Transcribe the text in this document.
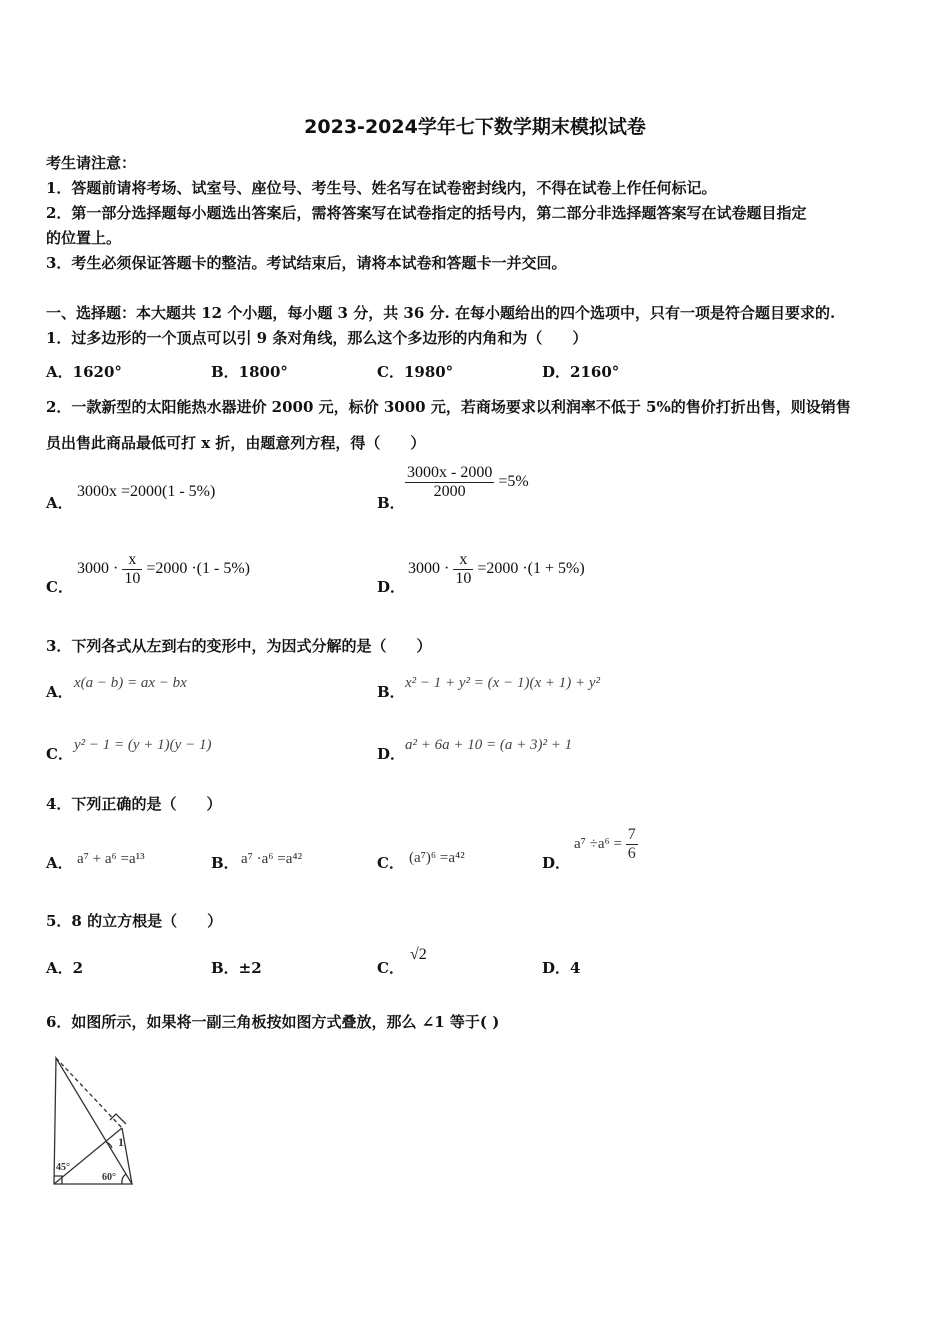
2023-2024学年七下数学期末模拟试卷
考生请注意：
1．答题前请将考场、试室号、座位号、考生号、姓名写在试卷密封线内，不得在试卷上作任何标记。
2．第一部分选择题每小题选出答案后，需将答案写在试卷指定的括号内，第二部分非选择题答案写在试卷题目指定
的位置上。
3．考生必须保证答题卡的整洁。考试结束后，请将本试卷和答题卡一并交回。
一、选择题：本大题共 12 个小题，每小题 3 分，共 36 分. 在每小题给出的四个选项中，只有一项是符合题目要求的.
1．过多边形的一个顶点可以引 9 条对角线，那么这个多边形的内角和为（　　）
A．1620°	B．1800°	C．1980°	D．2160°
2．一款新型的太阳能热水器进价 2000 元，标价 3000 元，若商场要求以利润率不低于 5%的售价打折出售，则设销售
员出售此商品最低可打 x 折，由题意列方程，得（　　）
A．
3000x =2000(1 - 5%)
B．
$\frac{3000x - 2000}{2000} =5\%$
C．
$3000 \cdot \frac{x}{10} =2000 \cdot(1 - 5\%)$
D．
$3000 \cdot \frac{x}{10} =2000 \cdot(1 + 5\%)$
3．下列各式从左到右的变形中，为因式分解的是（　　）
A． x(a − b) = ax − bx	B． x² − 1 + y² = (x − 1)(x + 1) + y²
C． y² − 1 = (y + 1)(y − 1)	D． a² + 6a + 10 = (a + 3)² + 1
4．下列正确的是（　　）
A． a⁷ + a⁶ =a¹³	B． a⁷ ·a⁶ =a⁴²	C． (a⁷)⁶ =a⁴²	D．
$a^7 \div a^6 = \frac{7}{6}$
5．8 的立方根是（　　）
A．2	B．±2	C．
√2
D．4
6．如图所示，如果将一副三角板按如图方式叠放，那么 ∠1 等于( )
45°
60°
1
